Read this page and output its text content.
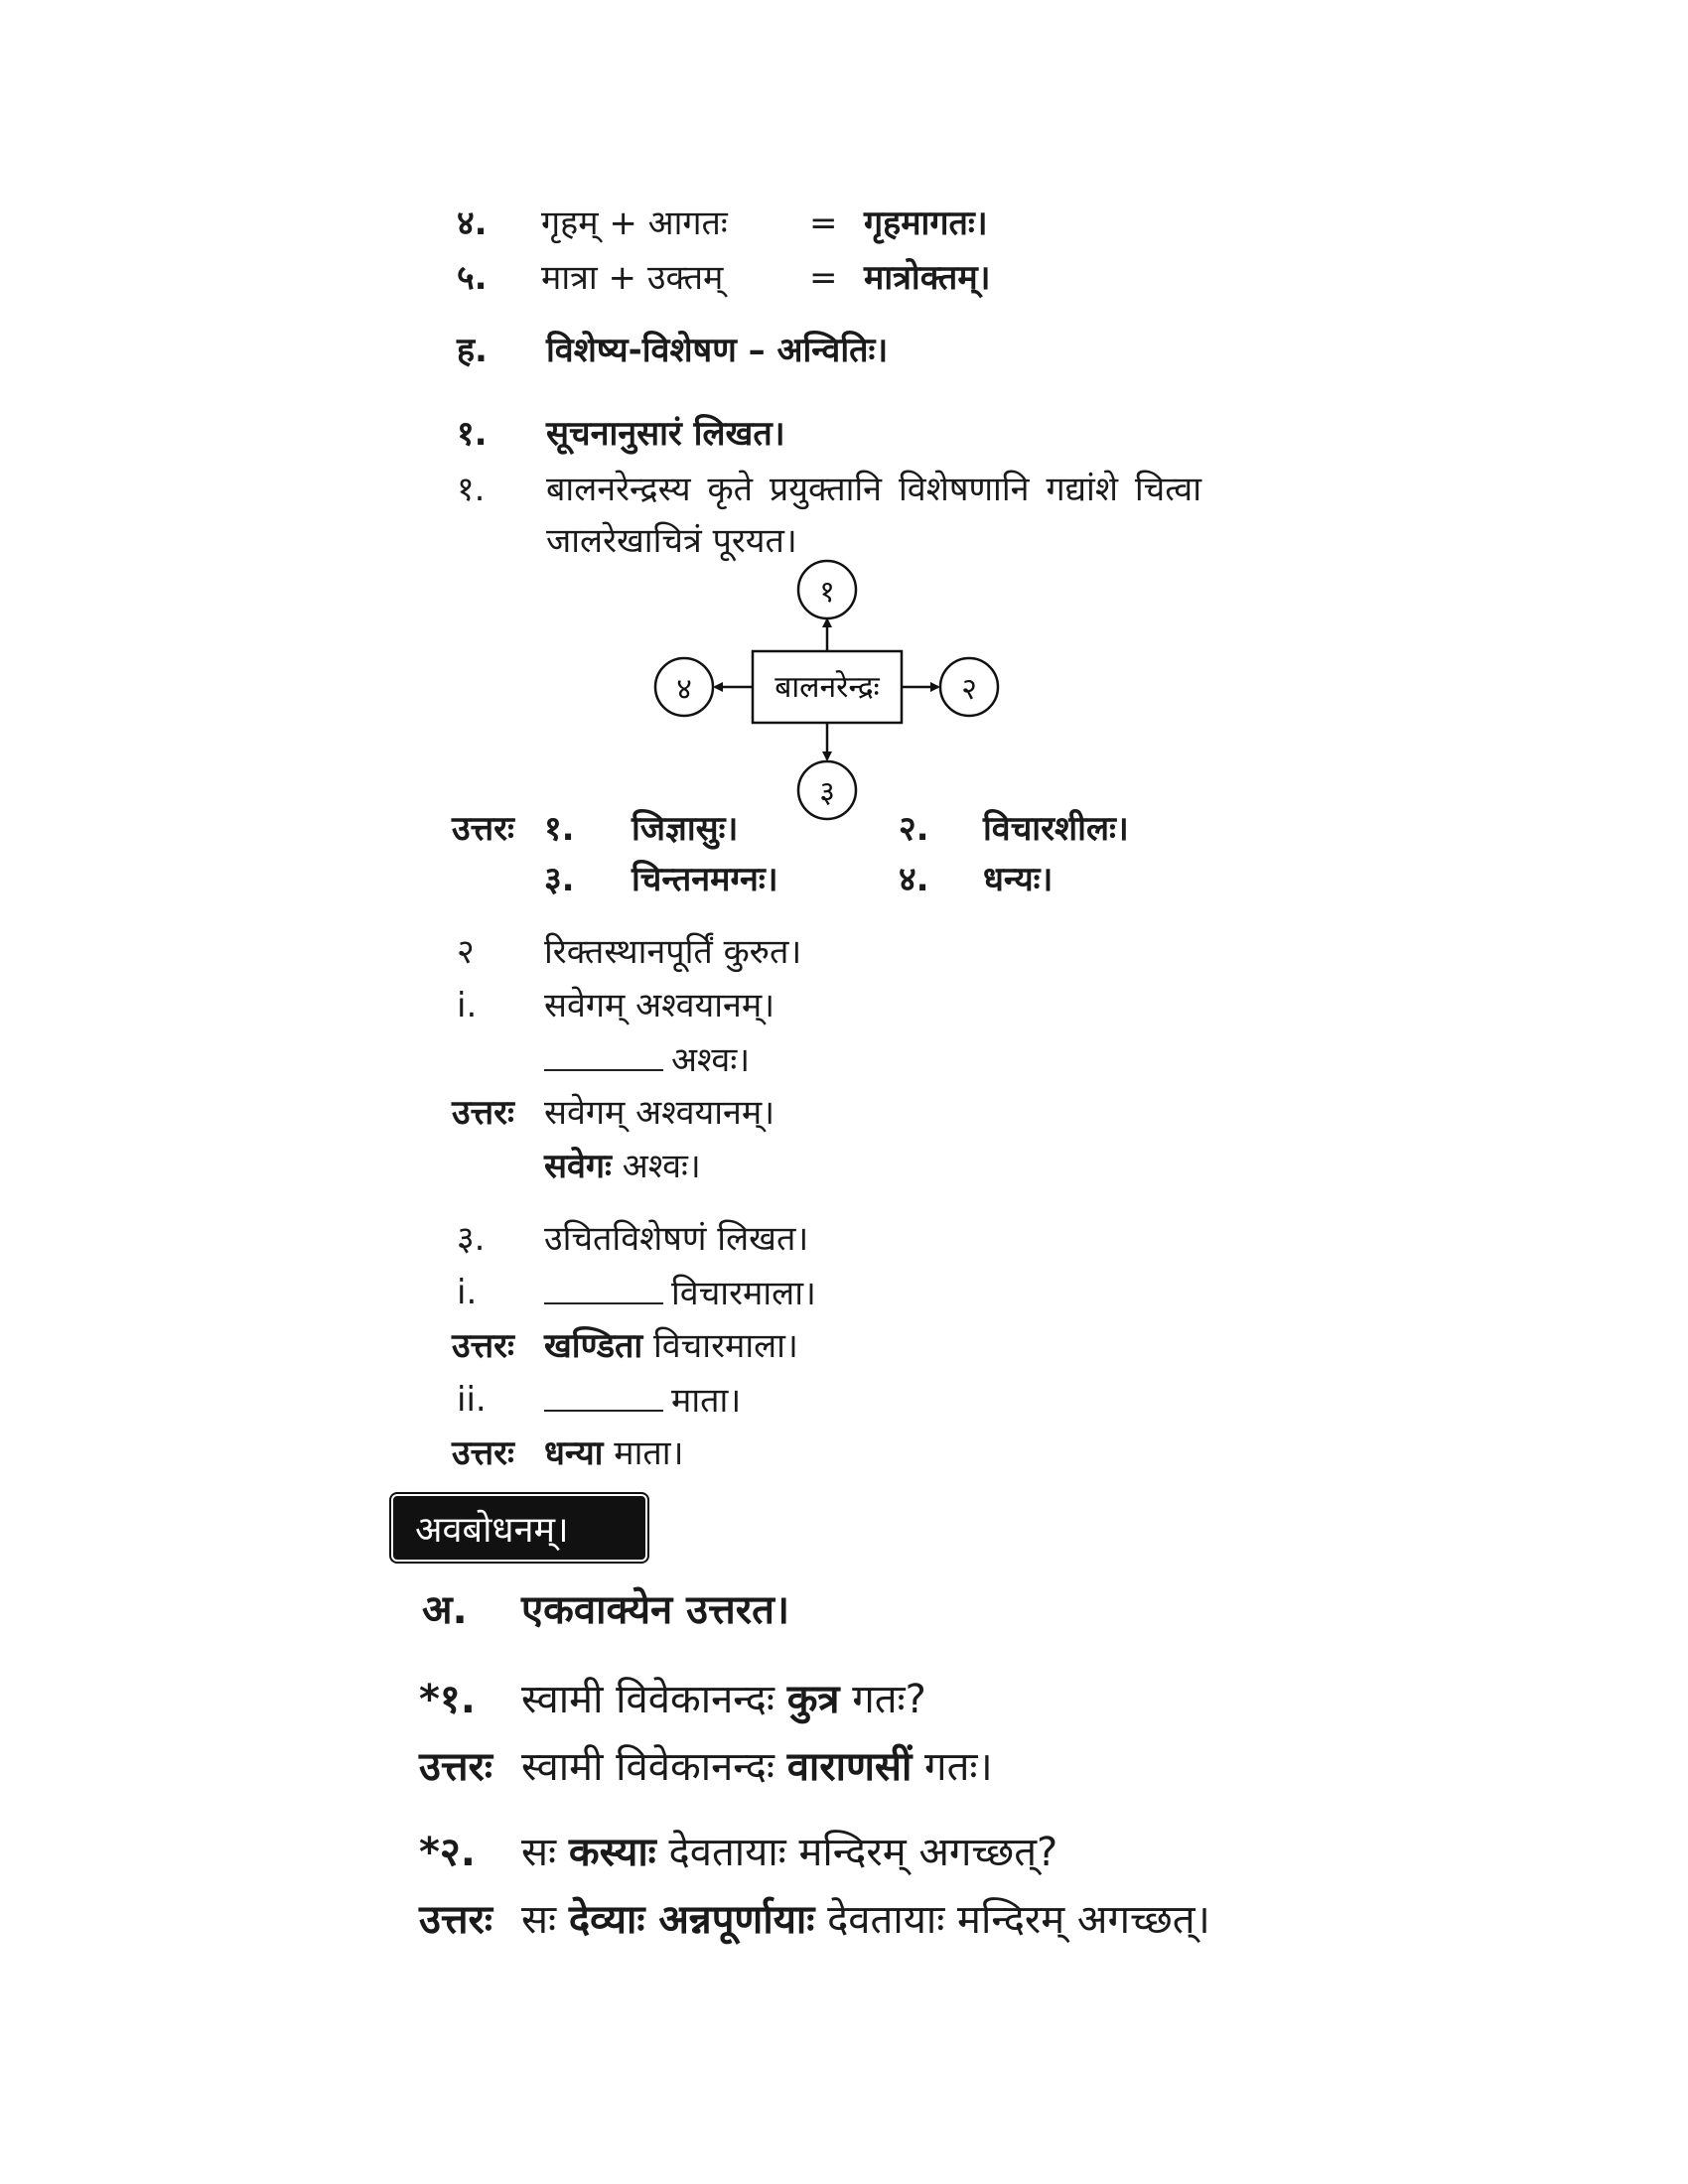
४. गृहम् + आगतः = गृहमागतः।
५. मात्रा + उक्तम्	= मात्रोक्तम्।
ह. विशेष्य-विशेषण – अन्वितिः।
१. सूचनानुसारं लिखत।
१. बालनरेन्द्रस्य कृते प्रयुक्तानि विशेषणानि गद्यांशे चित्वा
जालरेखाचित्रं पूरयत।
बालनरेन्द्रः
१
२
३
४
उत्तरः १. जिज्ञासुः।	२. विचारशीलः।
३. चिन्तनमग्नः।	४. धन्यः।
२ रिक्तस्थानपूर्तिं कुरुत।
i. सवेगम् अश्वयानम्।
अश्वः।
उत्तरः सवेगम् अश्वयानम्।
सवेगः अश्वः।
३. उचितविशेषणं लिखत।
i.	विचारमाला।
उत्तरः खण्डिता विचारमाला।
ii.	माता।
उत्तरः धन्या माता।
अवबोधनम्।
अ. एकवाक्येन उत्तरत।
*१. स्वामी विवेकानन्दः कुत्र गतः?
उत्तरः स्वामी विवेकानन्दः वाराणसीं गतः।
*२. सः कस्याः देवतायाः मन्दिरम् अगच्छत्?
उत्तरः सः देव्याः अन्नपूर्णायाः देवतायाः मन्दिरम् अगच्छत्।
